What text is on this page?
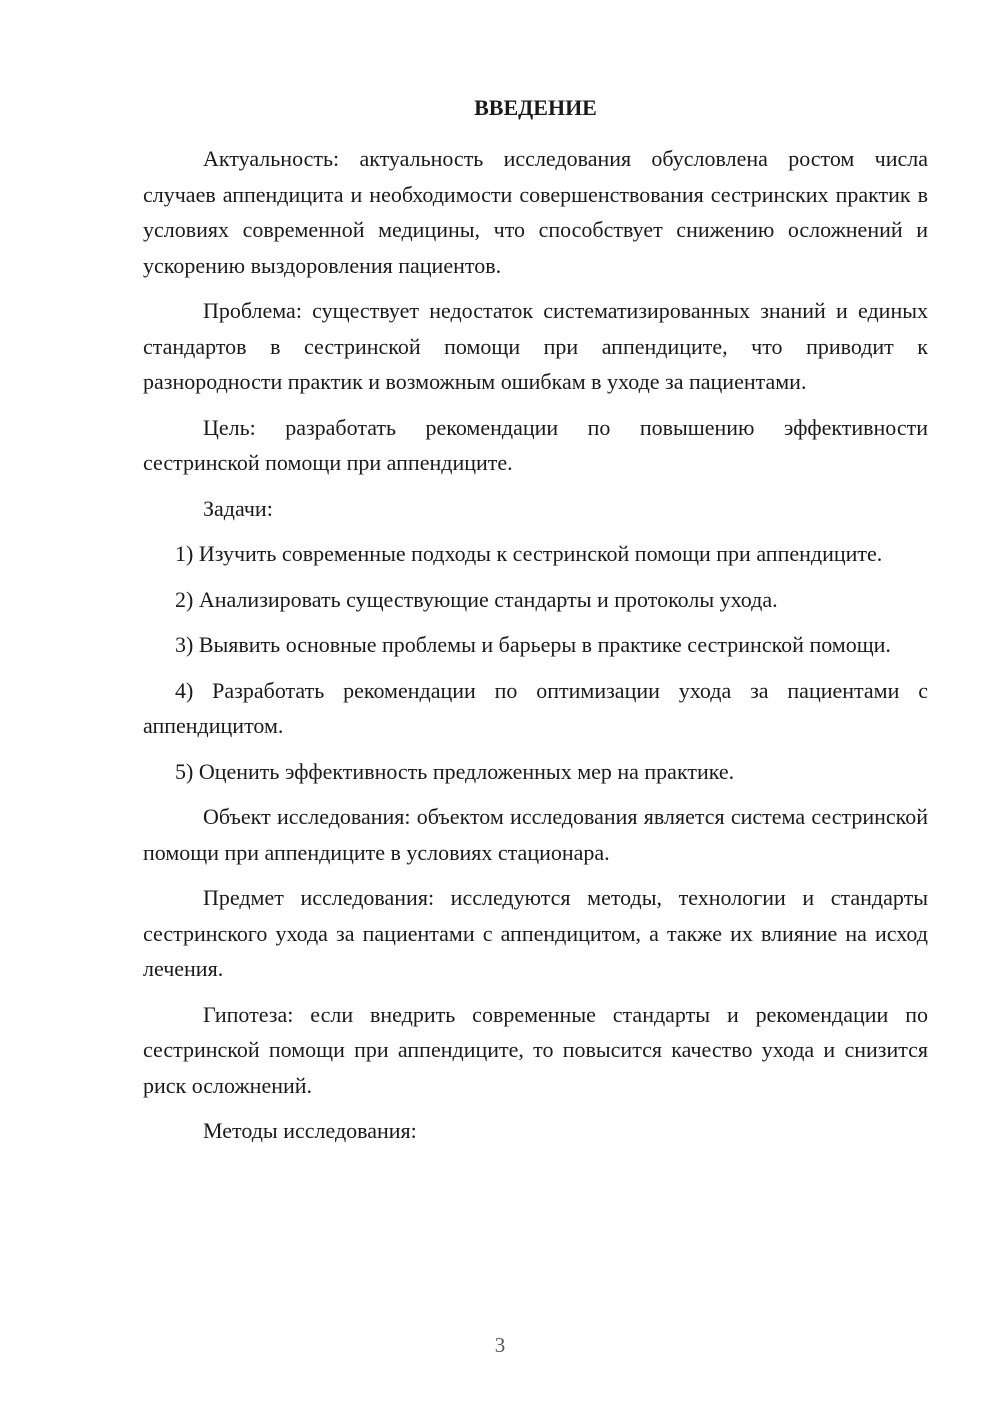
ВВЕДЕНИЕ
Актуальность: актуальность исследования обусловлена ростом числа случаев аппендицита и необходимости совершенствования сестринских практик в условиях современной медицины, что способствует снижению осложнений и ускорению выздоровления пациентов.
Проблема: существует недостаток систематизированных знаний и единых стандартов в сестринской помощи при аппендиците, что приводит к разнородности практик и возможным ошибкам в уходе за пациентами.
Цель: разработать рекомендации по повышению эффективности сестринской помощи при аппендиците.
Задачи:
1) Изучить современные подходы к сестринской помощи при аппендиците.
2) Анализировать существующие стандарты и протоколы ухода.
3) Выявить основные проблемы и барьеры в практике сестринской помощи.
4) Разработать рекомендации по оптимизации ухода за пациентами с аппендицитом.
5) Оценить эффективность предложенных мер на практике.
Объект исследования: объектом исследования является система сестринской помощи при аппендиците в условиях стационара.
Предмет исследования: исследуются методы, технологии и стандарты сестринского ухода за пациентами с аппендицитом, а также их влияние на исход лечения.
Гипотеза: если внедрить современные стандарты и рекомендации по сестринской помощи при аппендиците, то повысится качество ухода и снизится риск осложнений.
Методы исследования:
3
